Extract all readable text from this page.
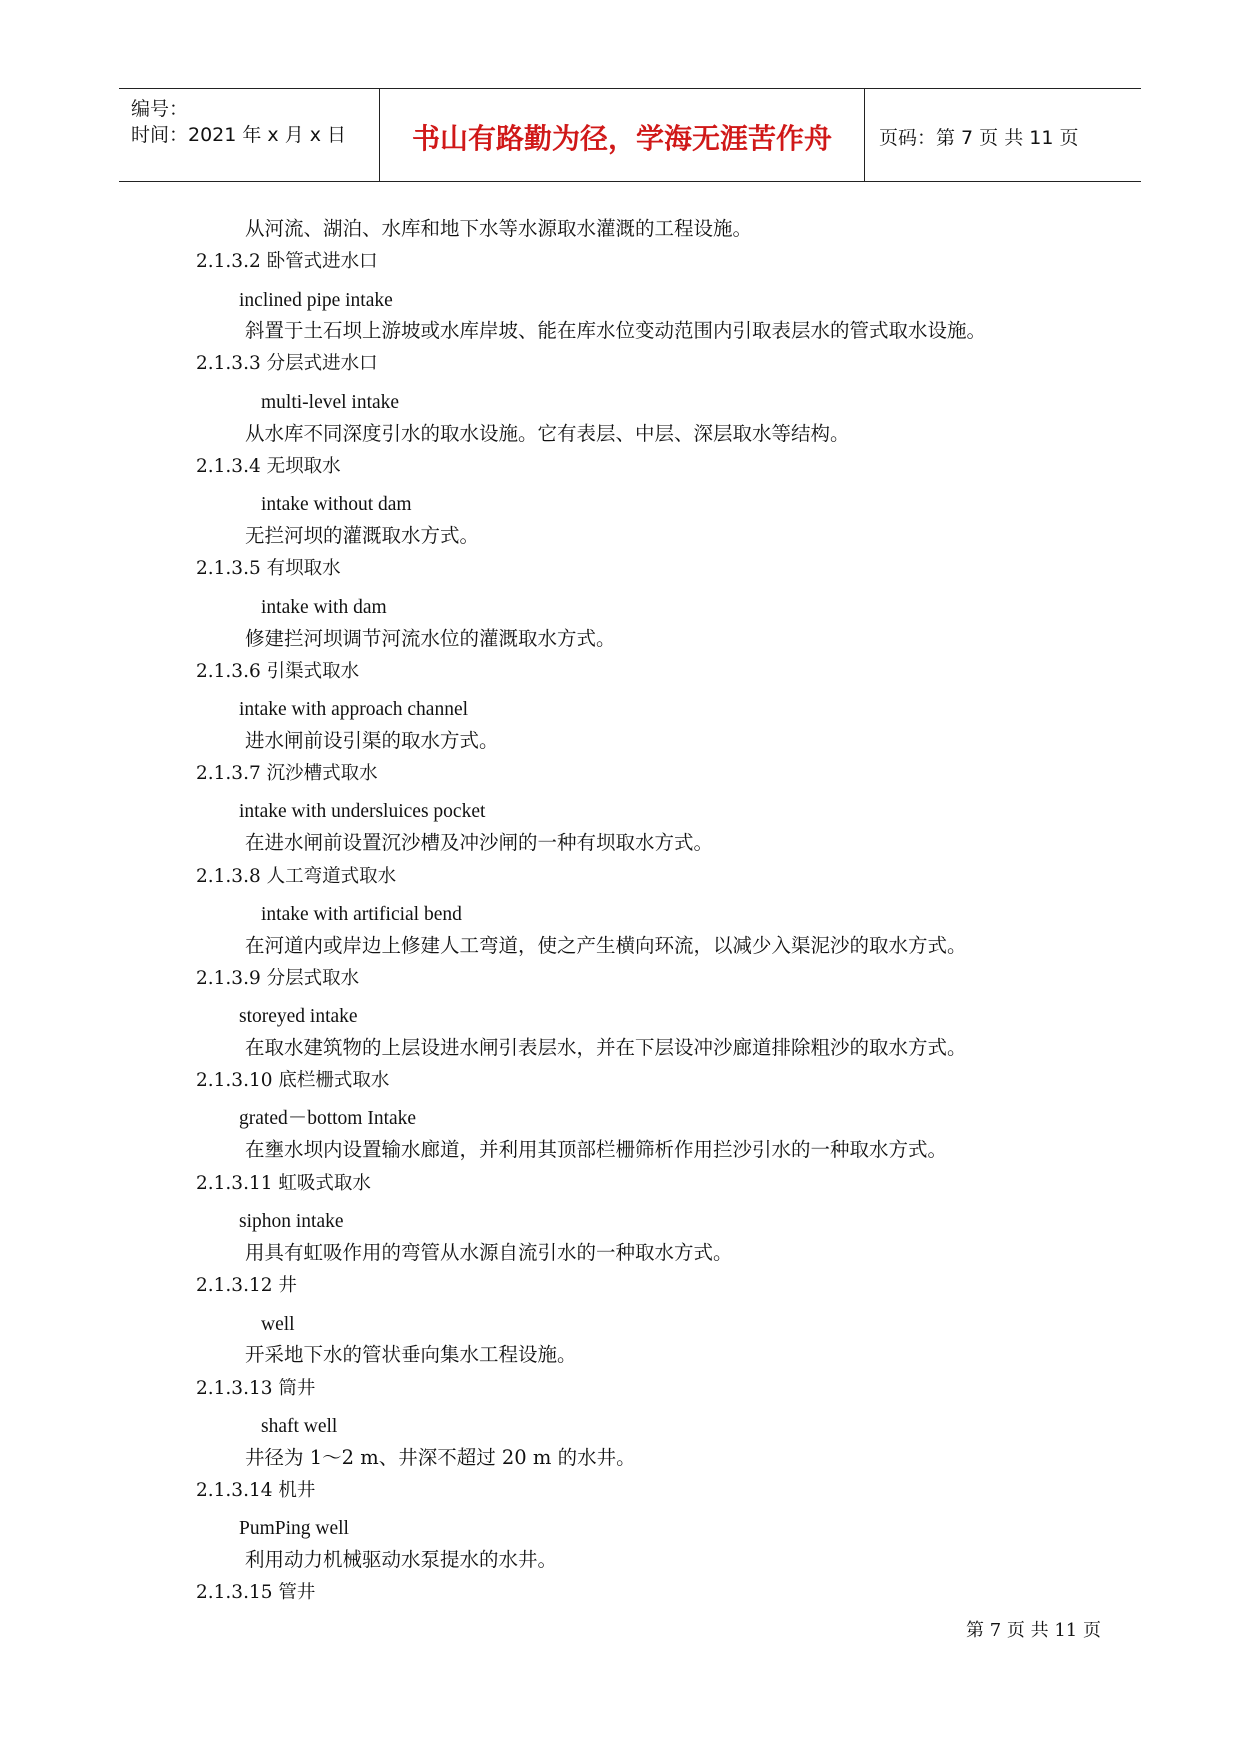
编号：
时间：2021 年 x 月 x 日	书山有路勤为径，学海无涯苦作舟	页码：第 7 页 共 11 页
从河流、湖泊、水库和地下水等水源取水灌溉的工程设施。
2.1.3.2 卧管式进水口
inclined pipe intake
斜置于土石坝上游坡或水库岸坡、能在库水位变动范围内引取表层水的管式取水设施。
2.1.3.3 分层式进水口
multi-level intake
从水库不同深度引水的取水设施。它有表层、中层、深层取水等结构。
2.1.3.4 无坝取水
intake without dam
无拦河坝的灌溉取水方式。
2.1.3.5 有坝取水
intake with dam
修建拦河坝调节河流水位的灌溉取水方式。
2.1.3.6 引渠式取水
intake with approach channel
进水闸前设引渠的取水方式。
2.1.3.7 沉沙槽式取水
intake with undersluices pocket
在进水闸前设置沉沙槽及冲沙闸的一种有坝取水方式。
2.1.3.8 人工弯道式取水
intake with artificial bend
在河道内或岸边上修建人工弯道，使之产生横向环流，以减少入渠泥沙的取水方式。
2.1.3.9 分层式取水
storeyed intake
在取水建筑物的上层设进水闸引表层水，并在下层设冲沙廊道排除粗沙的取水方式。
2.1.3.10 底栏栅式取水
grated－bottom Intake
在壅水坝内设置输水廊道，并利用其顶部栏栅筛析作用拦沙引水的一种取水方式。
2.1.3.11 虹吸式取水
siphon intake
用具有虹吸作用的弯管从水源自流引水的一种取水方式。
2.1.3.12 井
well
开采地下水的管状垂向集水工程设施。
2.1.3.13 筒井
shaft well
井径为 1～2 m、井深不超过 20 m 的水井。
2.1.3.14 机井
PumPing well
利用动力机械驱动水泵提水的水井。
2.1.3.15 管井
第 7 页 共 11 页
